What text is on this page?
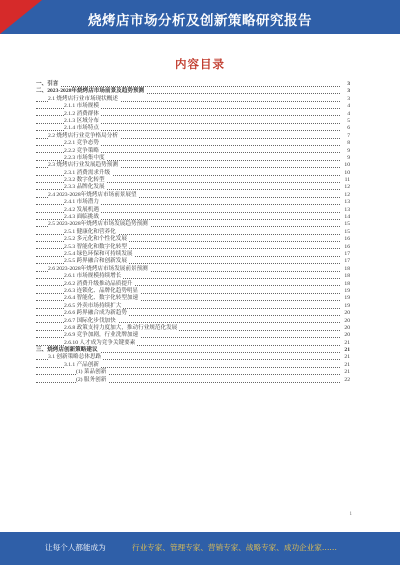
烧烤店市场分析及创新策略研究报告
内容目录
一、引言	3
二、2023-2028年烧烤店市场前景及趋势预测	3
2.1 烧烤店行业市场现状概述	3
2.1.1 市场规模	4
2.1.2 消费群体	4
2.1.3 区域分布	5
2.1.4 市场特点	6
2.2 烧烤店行业竞争格局分析	7
2.2.1 竞争态势	8
2.2.2 竞争策略	9
2.2.3 市场集中度	9
2.3 烧烤店行业发展趋势预测	10
2.3.1 消费需求升级	10
2.3.2 数字化转型	11
2.3.3 品牌化发展	12
2.4 2023-2028年烧烤店市场前景展望	12
2.4.1 市场潜力	13
2.4.2 发展机遇	13
2.4.3 面临挑战	14
2.5 2023-2028年烧烤店市场发展趋势预测	15
2.5.1 健康化和营养化	15
2.5.2 多元化和个性化发展	16
2.5.3 智能化和数字化转型	16
2.5.4 绿色环保和可持续发展	17
2.5.5 跨界融合和创新发展	17
2.6 2023-2028年烧烤店市场发展前景预测	18
2.6.1 市场规模持续增长	18
2.6.2 消费升级推动品质提升	18
2.6.3 连锁化、品牌化趋势明显	19
2.6.4 智能化、数字化转型加速	19
2.6.5 外卖市场持续扩大	19
2.6.6 跨界融合成为新趋势	20
2.6.7 国际化步伐加快	20
2.6.8 政策支持力度加大，推动行业规范化发展	20
2.6.9 竞争加剧，行业洗牌加速	20
2.6.10 人才成为竞争关键要素	21
三、烧烤店创新策略建议	21
3.1 创新策略总体思路	21
3.1.1 产品创新	21
(1) 菜品创新	21
(2) 服务创新	22
1
让每个人都能成为	行业专家、管理专家、营销专家、战略专家、成功企业家……
